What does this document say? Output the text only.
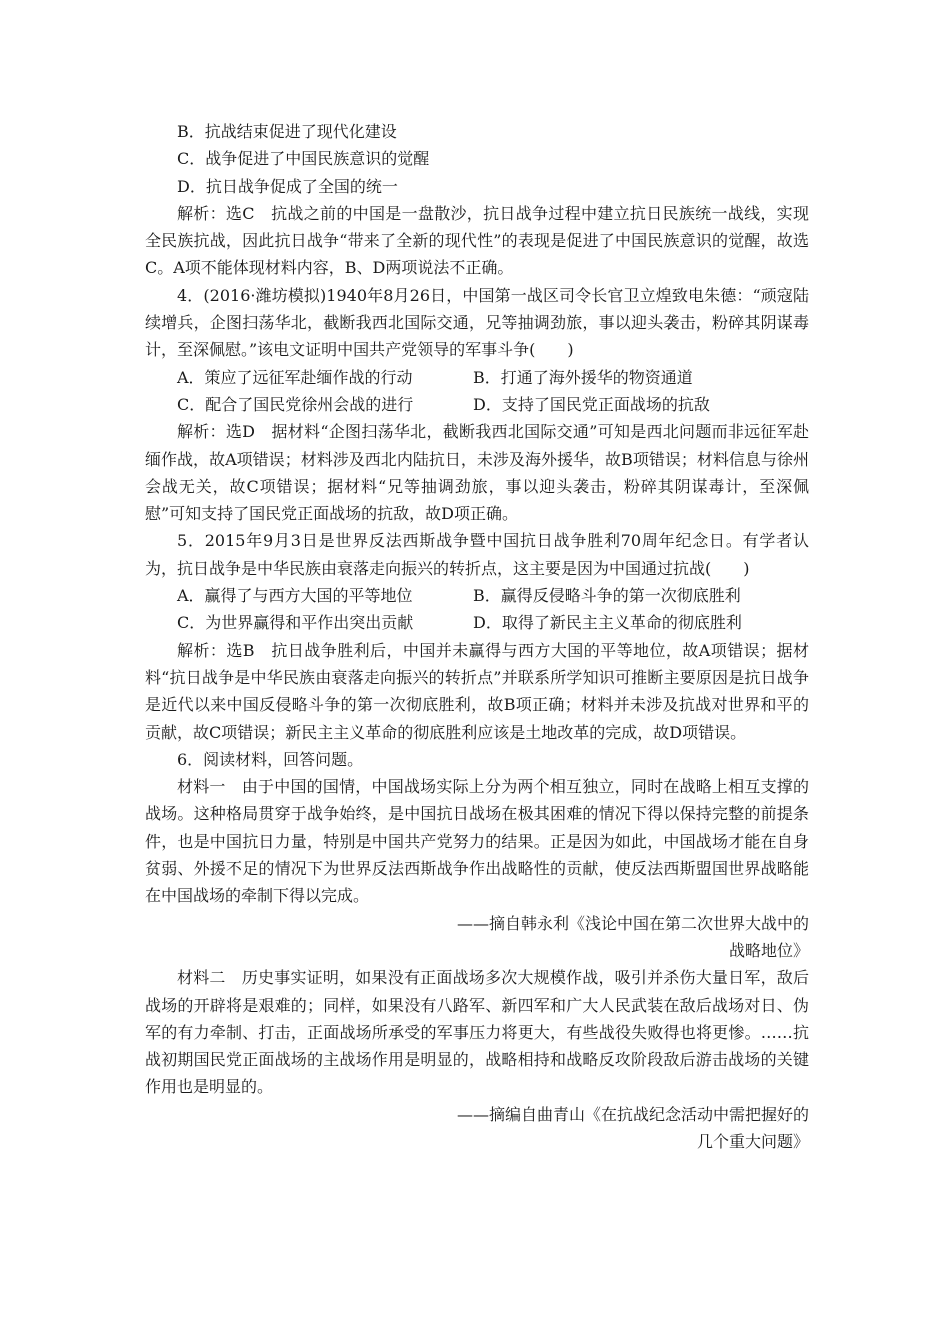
B．抗战结束促进了现代化建设

C．战争促进了中国民族意识的觉醒

D．抗日战争促成了全国的统一

解析：选C　抗战之前的中国是一盘散沙，抗日战争过程中建立抗日民族统一战线，实现全民族抗战，因此抗日战争“带来了全新的现代性”的表现是促进了中国民族意识的觉醒，故选C。A项不能体现材料内容，B、D两项说法不正确。

4．(2016·潍坊模拟)1940年8月26日，中国第一战区司令长官卫立煌致电朱德：“顽寇陆续增兵，企图扫荡华北，截断我西北国际交通，兄等抽调劲旅，事以迎头袭击，粉碎其阴谋毒计，至深佩慰。”该电文证明中国共产党领导的军事斗争(　　)

A．策应了远征军赴缅作战的行动	B．打通了海外援华的物资通道
C．配合了国民党徐州会战的进行	D．支持了国民党正面战场的抗敌

解析：选D　据材料“企图扫荡华北，截断我西北国际交通”可知是西北问题而非远征军赴缅作战，故A项错误；材料涉及西北内陆抗日，未涉及海外援华，故B项错误；材料信息与徐州会战无关，故C项错误；据材料“兄等抽调劲旅，事以迎头袭击，粉碎其阴谋毒计，至深佩慰”可知支持了国民党正面战场的抗敌，故D项正确。

5．2015年9月3日是世界反法西斯战争暨中国抗日战争胜利70周年纪念日。有学者认为，抗日战争是中华民族由衰落走向振兴的转折点，这主要是因为中国通过抗战(　　)

A．赢得了与西方大国的平等地位	B．赢得反侵略斗争的第一次彻底胜利
C．为世界赢得和平作出突出贡献	D．取得了新民主主义革命的彻底胜利

解析：选B　抗日战争胜利后，中国并未赢得与西方大国的平等地位，故A项错误；据材料“抗日战争是中华民族由衰落走向振兴的转折点”并联系所学知识可推断主要原因是抗日战争是近代以来中国反侵略斗争的第一次彻底胜利，故B项正确；材料并未涉及抗战对世界和平的贡献，故C项错误；新民主主义革命的彻底胜利应该是土地改革的完成，故D项错误。

6．阅读材料，回答问题。

材料一　由于中国的国情，中国战场实际上分为两个相互独立，同时在战略上相互支撑的战场。这种格局贯穿于战争始终，是中国抗日战场在极其困难的情况下得以保持完整的前提条件，也是中国抗日力量，特别是中国共产党努力的结果。正是因为如此，中国战场才能在自身贫弱、外援不足的情况下为世界反法西斯战争作出战略性的贡献，使反法西斯盟国世界战略能在中国战场的牵制下得以完成。

——摘自韩永利《浅论中国在第二次世界大战中的

战略地位》

材料二　历史事实证明，如果没有正面战场多次大规模作战，吸引并杀伤大量日军，敌后战场的开辟将是艰难的；同样，如果没有八路军、新四军和广大人民武装在敌后战场对日、伪军的有力牵制、打击，正面战场所承受的军事压力将更大，有些战役失败得也将更惨。……抗战初期国民党正面战场的主战场作用是明显的，战略相持和战略反攻阶段敌后游击战场的关键作用也是明显的。

——摘编自曲青山《在抗战纪念活动中需把握好的

几个重大问题》
